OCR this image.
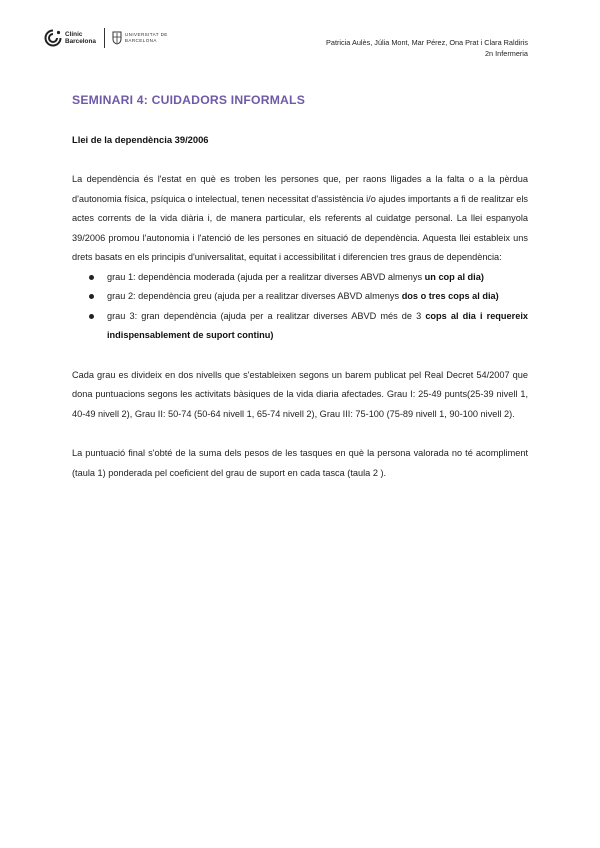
Clínic
Barcelona
UNIVERSITAT DE
BARCELONA	Patricia Aulès, Júlia Mont, Mar Pérez, Ona Prat i Clara Raldiris
2n Infermeria
SEMINARI 4: CUIDADORS INFORMALS
Llei de la dependència 39/2006

La dependència és l'estat en què es troben les persones que, per raons lligades a la falta o a la pèrdua d'autonomia física, psíquica o intelectual, tenen necessitat d'assistència i/o ajudes importants a fi de realitzar els actes corrents de la vida diària i, de manera particular, els referents al cuidatge personal. La llei espanyola 39/2006 promou l'autonomia i l'atenció de les persones en situació de dependència. Aquesta llei estableix uns drets basats en els principis d'universalitat, equitat i accessibilitat i diferencien tres graus de dependència:

grau 1: dependència moderada (ajuda per a realitzar diverses ABVD almenys un cop al dia)
grau 2: dependència greu (ajuda per a realitzar diverses ABVD almenys dos o tres cops al dia)
grau 3: gran dependència (ajuda per a realitzar diverses ABVD més de 3 cops al dia i requereix indispensablement de suport continu)

Cada grau es divideix en dos nivells que s'estableixen segons un barem publicat pel Real Decret 54/2007 que dona puntuacions segons les activitats bàsiques de la vida diaria afectades. Grau I: 25-49 punts(25-39 nivell 1, 40-49 nivell 2), Grau II: 50-74 (50-64 nivell 1, 65-74 nivell 2), Grau III: 75-100 (75-89 nivell 1, 90-100 nivell 2).

La puntuació final s'obté de la suma dels pesos de les tasques en què la persona valorada no té acompliment (taula 1) ponderada pel coeficient del grau de suport en cada tasca (taula 2 ).
